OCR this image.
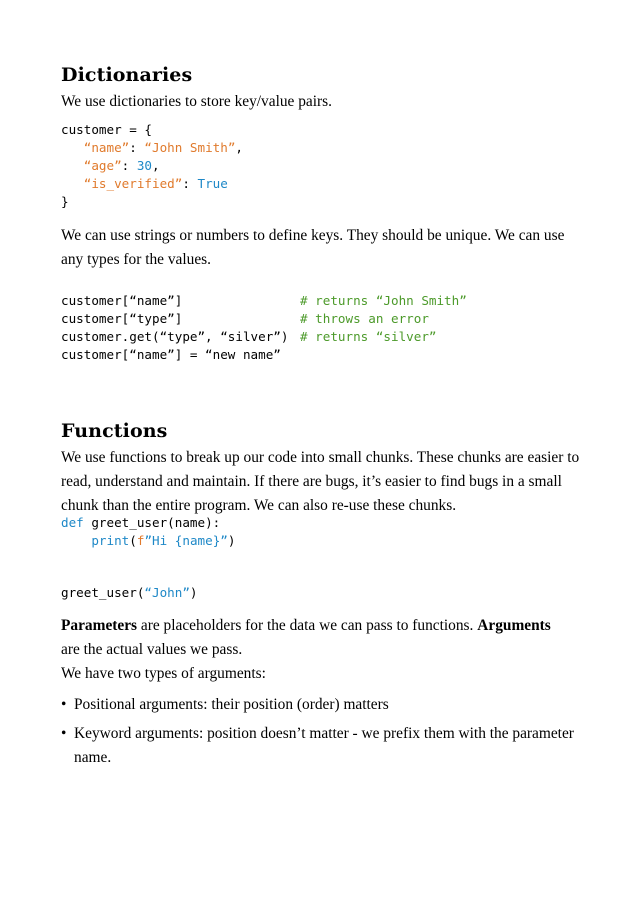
Dictionaries
We use dictionaries to store key/value pairs.

customer = {

“name”: “John Smith”,

“age”: 30,

“is_verified”: True

}

We can use strings or numbers to define keys. They should be unique. We can use any types for the values.

customer[“name”]

	# returns “John Smith”

customer[“type”]

	# throws an error

customer.get(“type”, “silver”)

# returns “silver”

customer[“name”] = “new name”

Functions
We use functions to break up our code into small chunks. These chunks are easier to read, understand and maintain. If there are bugs, it’s easier to find bugs in a small chunk than the entire program. We can also re-use these chunks.

def greet_user(name):

print(f”Hi {name}”)

greet_user(“John”)

Parameters are placeholders for the data we can pass to functions. Arguments
are the actual values we pass.
We have two types of arguments:
• Positional arguments: their position (order) matters
• Keyword arguments: position doesn’t matter - we prefix them with the parameter name.
